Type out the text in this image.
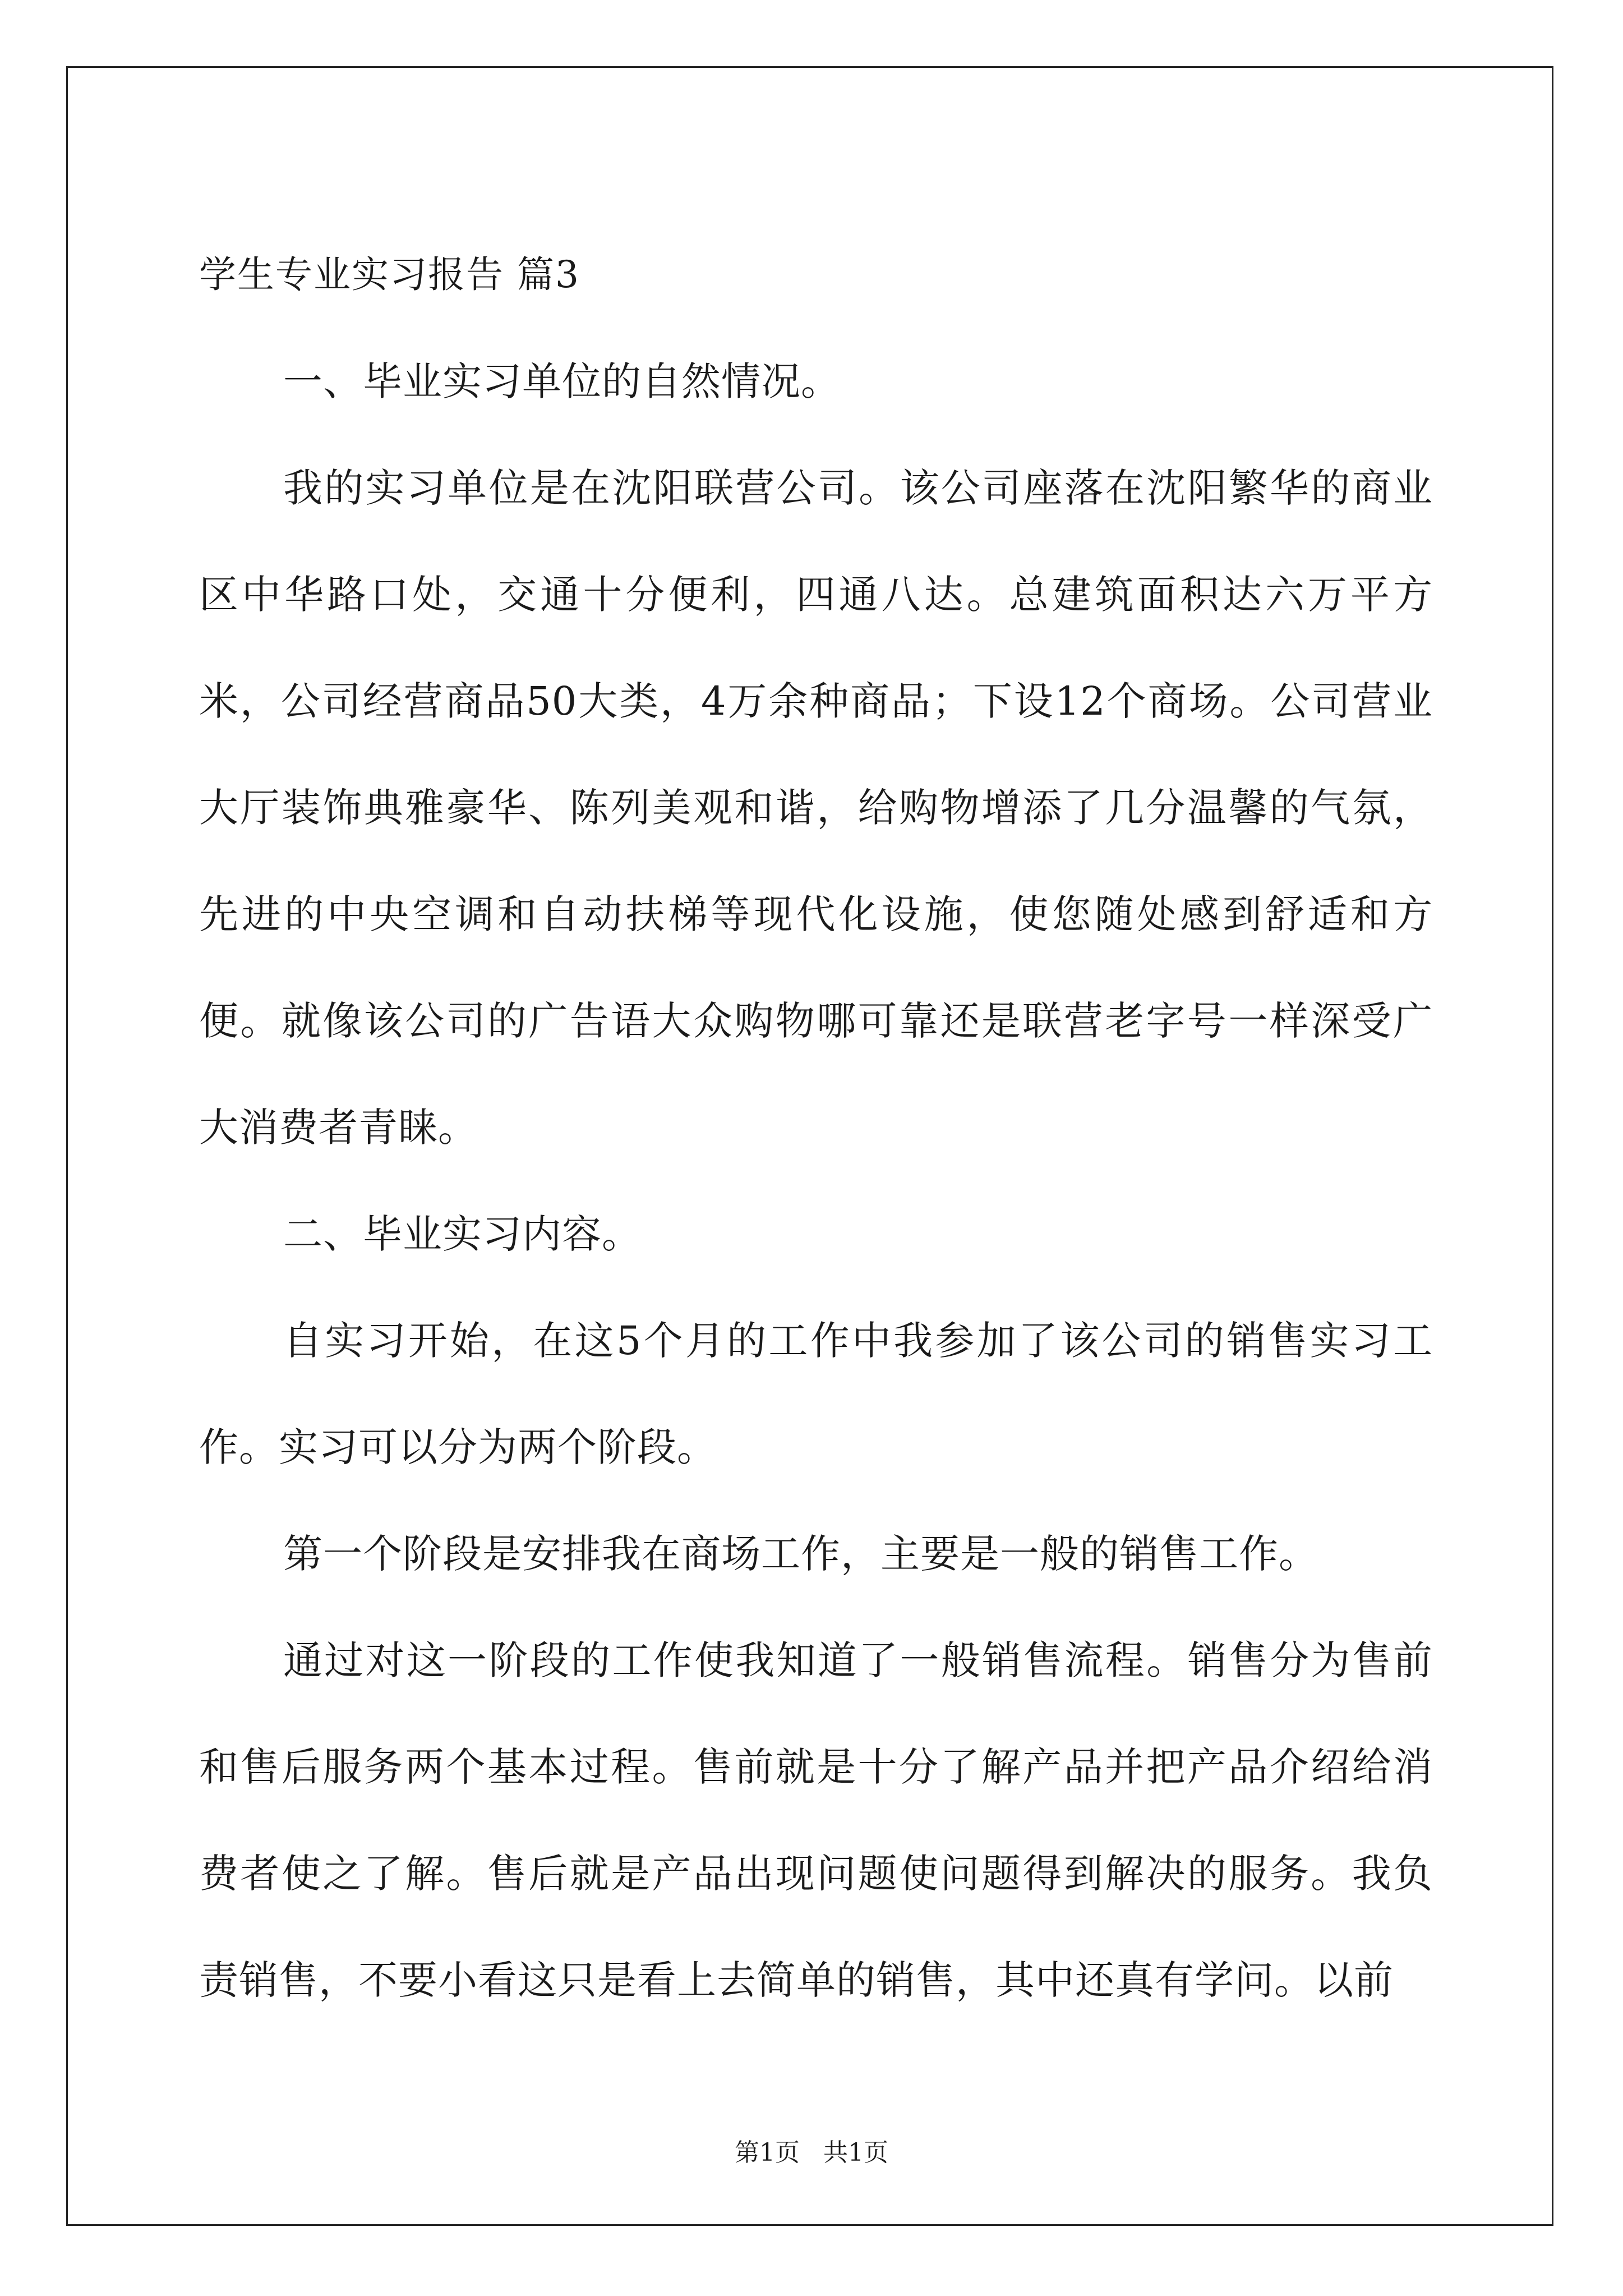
学生专业实习报告 篇3

一、毕业实习单位的自然情况。

我的实习单位是在沈阳联营公司。该公司座落在沈阳繁华的商业区中华路口处，交通十分便利，四通八达。总建筑面积达六万平方米，公司经营商品50大类，4万余种商品；下设12个商场。公司营业大厅装饰典雅豪华、陈列美观和谐，给购物增添了几分温馨的气氛，先进的中央空调和自动扶梯等现代化设施，使您随处感到舒适和方便。就像该公司的广告语大众购物哪可靠还是联营老字号一样深受广大消费者青睐。

二、毕业实习内容。

自实习开始，在这5个月的工作中我参加了该公司的销售实习工作。实习可以分为两个阶段。

第一个阶段是安排我在商场工作，主要是一般的销售工作。

通过对这一阶段的工作使我知道了一般销售流程。销售分为售前和售后服务两个基本过程。售前就是十分了解产品并把产品介绍给消费者使之了解。售后就是产品出现问题使问题得到解决的服务。我负责销售，不要小看这只是看上去简单的销售，其中还真有学问。以前

第1页   共1页
